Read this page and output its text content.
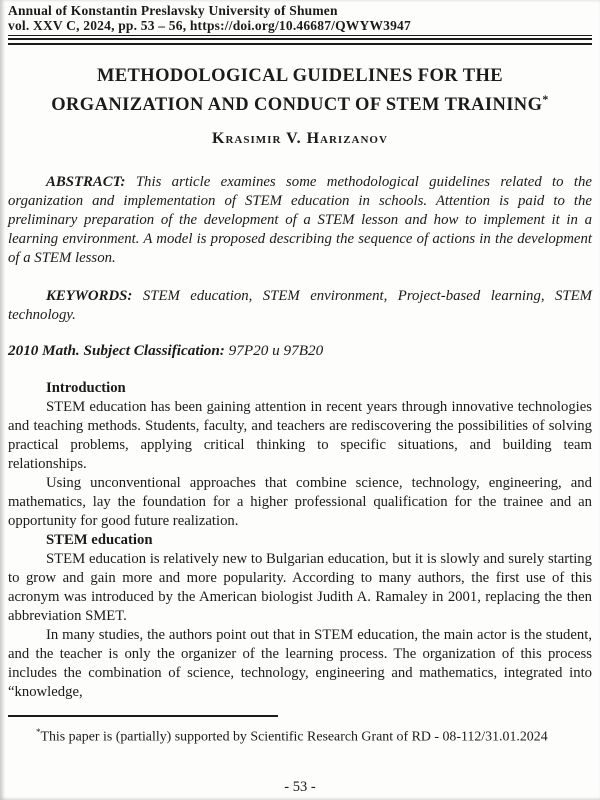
Annual of Konstantin Preslavsky University of Shumen
vol. XXV C, 2024, pp. 53 – 56, https://doi.org/10.46687/QWYW3947
METHODOLOGICAL GUIDELINES FOR THE ORGANIZATION AND CONDUCT OF STEM TRAINING*
Krasimir V. Harizanov
ABSTRACT: This article examines some methodological guidelines related to the organization and implementation of STEM education in schools. Attention is paid to the preliminary preparation of the development of a STEM lesson and how to implement it in a learning environment. A model is proposed describing the sequence of actions in the development of a STEM lesson.
KEYWORDS: STEM education, STEM environment, Project-based learning, STEM technology.
2010 Math. Subject Classification: 97P20 и 97B20
Introduction

STEM education has been gaining attention in recent years through innovative technologies and teaching methods. Students, faculty, and teachers are rediscovering the possibilities of solving practical problems, applying critical thinking to specific situations, and building team relationships.

Using unconventional approaches that combine science, technology, engineering, and mathematics, lay the foundation for a higher professional qualification for the trainee and an opportunity for good future realization.

STEM education

STEM education is relatively new to Bulgarian education, but it is slowly and surely starting to grow and gain more and more popularity. According to many authors, the first use of this acronym was introduced by the American biologist Judith A. Ramaley in 2001, replacing the then abbreviation SMET.

In many studies, the authors point out that in STEM education, the main actor is the student, and the teacher is only the organizer of the learning process. The organization of this process includes the combination of science, technology, engineering and mathematics, integrated into “knowledge,

*This paper is (partially) supported by Scientific Research Grant of RD - 08-112/31.01.2024
- 53 -
